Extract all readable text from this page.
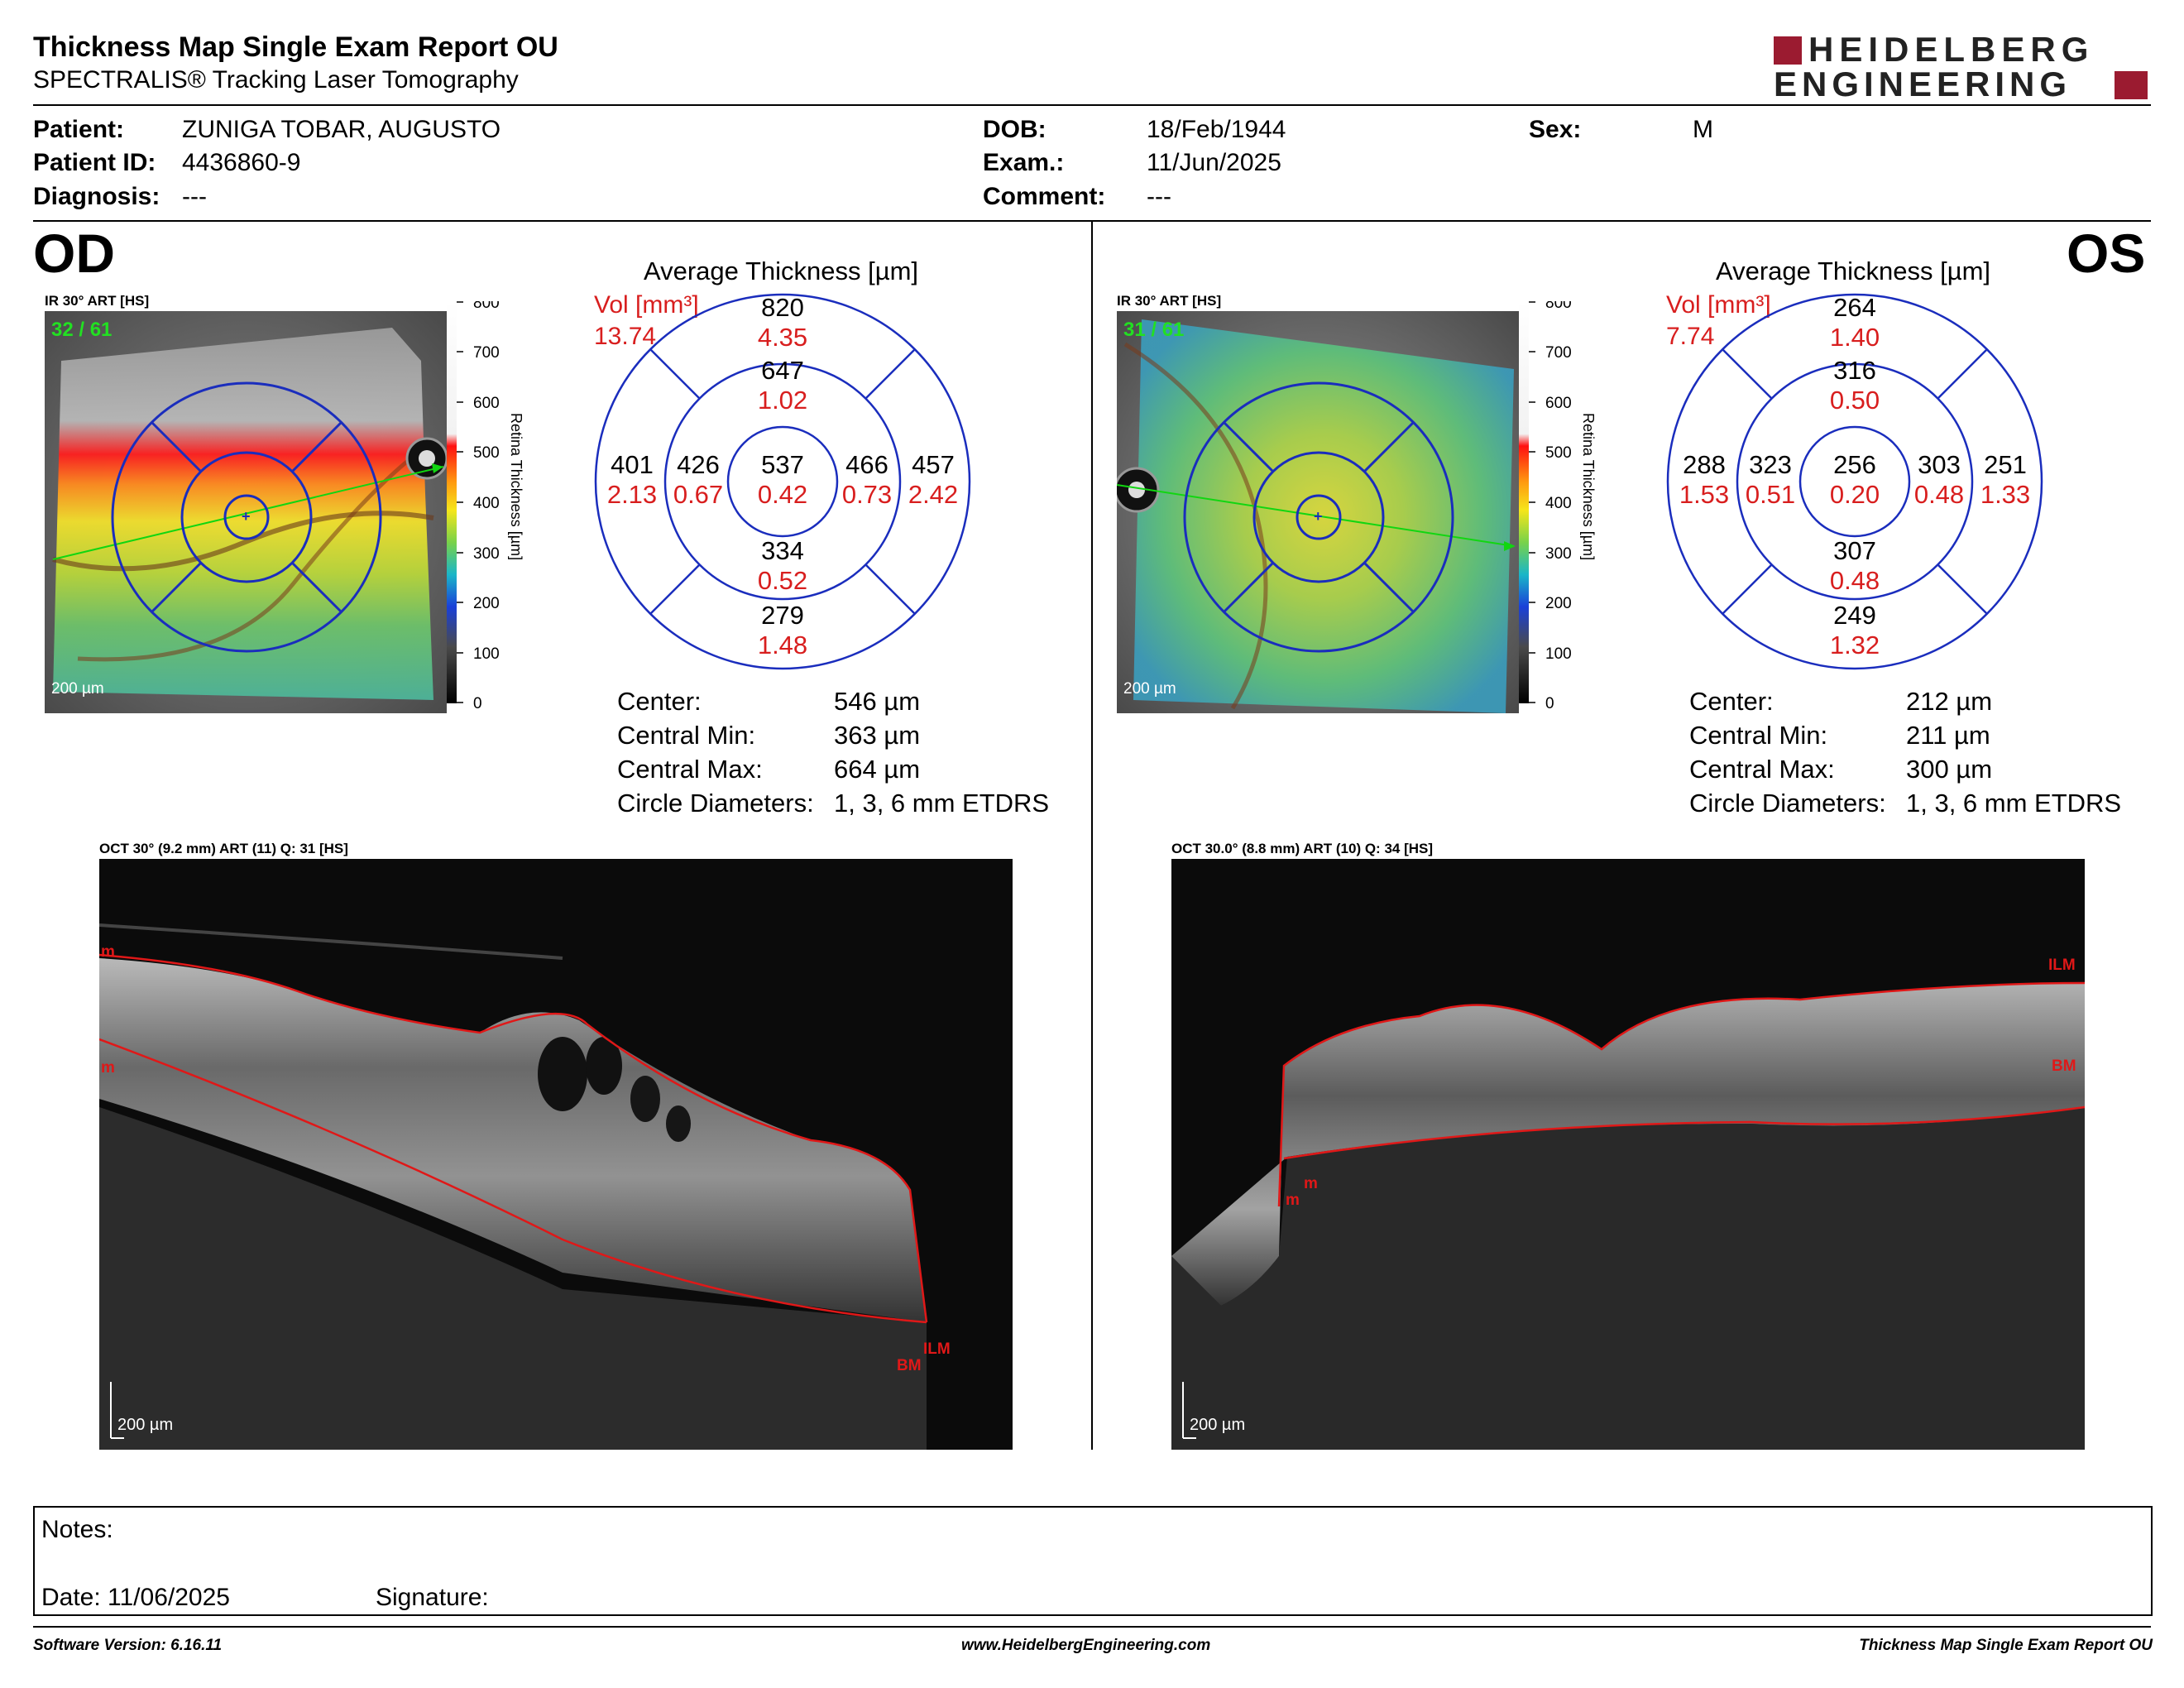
Thickness Map Single Exam Report OU
SPECTRALIS® Tracking Laser Tomography
HEIDELBERG
ENGINEERING
Patient: ZUNIGA TOBAR, AUGUSTO
Patient ID: 4436860-9
Diagnosis: ---
DOB:	18/Feb/1944
Exam.:	11/Jun/2025
Comment: ---
Sex:	M
OD
IR 30° ART [HS]
+
200 µm
32 / 61
800
700
600
500
400
300
200
100
0
Retina Thickness [µm]
Average Thickness [µm]
Vol [mm³]
13.74
820
4.35
647
1.02
537
0.42
334
0.52
279
1.48
401
2.13
426
0.67
466
0.73
457
2.42
Center:	546 µm
Central Min:	363 µm
Central Max:	664 µm
Circle Diameters: 1, 3, 6 mm ETDRS
OCT 30° (9.2 mm) ART (11) Q: 31 [HS]
m
m
ILM
BM
200 µm
OS
IR 30° ART [HS]
+
200 µm
31 / 61
800
700
600
500
400
300
200
100
0
Retina Thickness [µm]
Average Thickness [µm]
Vol [mm³]
7.74
264
1.40
316
0.50
256
0.20
307
0.48
249
1.32
288
1.53
323
0.51
303
0.48
251
1.33
Center:	212 µm
Central Min:	211 µm
Central Max:	300 µm
Circle Diameters: 1, 3, 6 mm ETDRS
OCT 30.0° (8.8 mm) ART (10) Q: 34 [HS]
ILM
BM
m
m
200 µm
Notes:
Date: 11/06/2025	Signature:
Software Version: 6.16.11	www.HeidelbergEngineering.com	Thickness Map Single Exam Report OU
